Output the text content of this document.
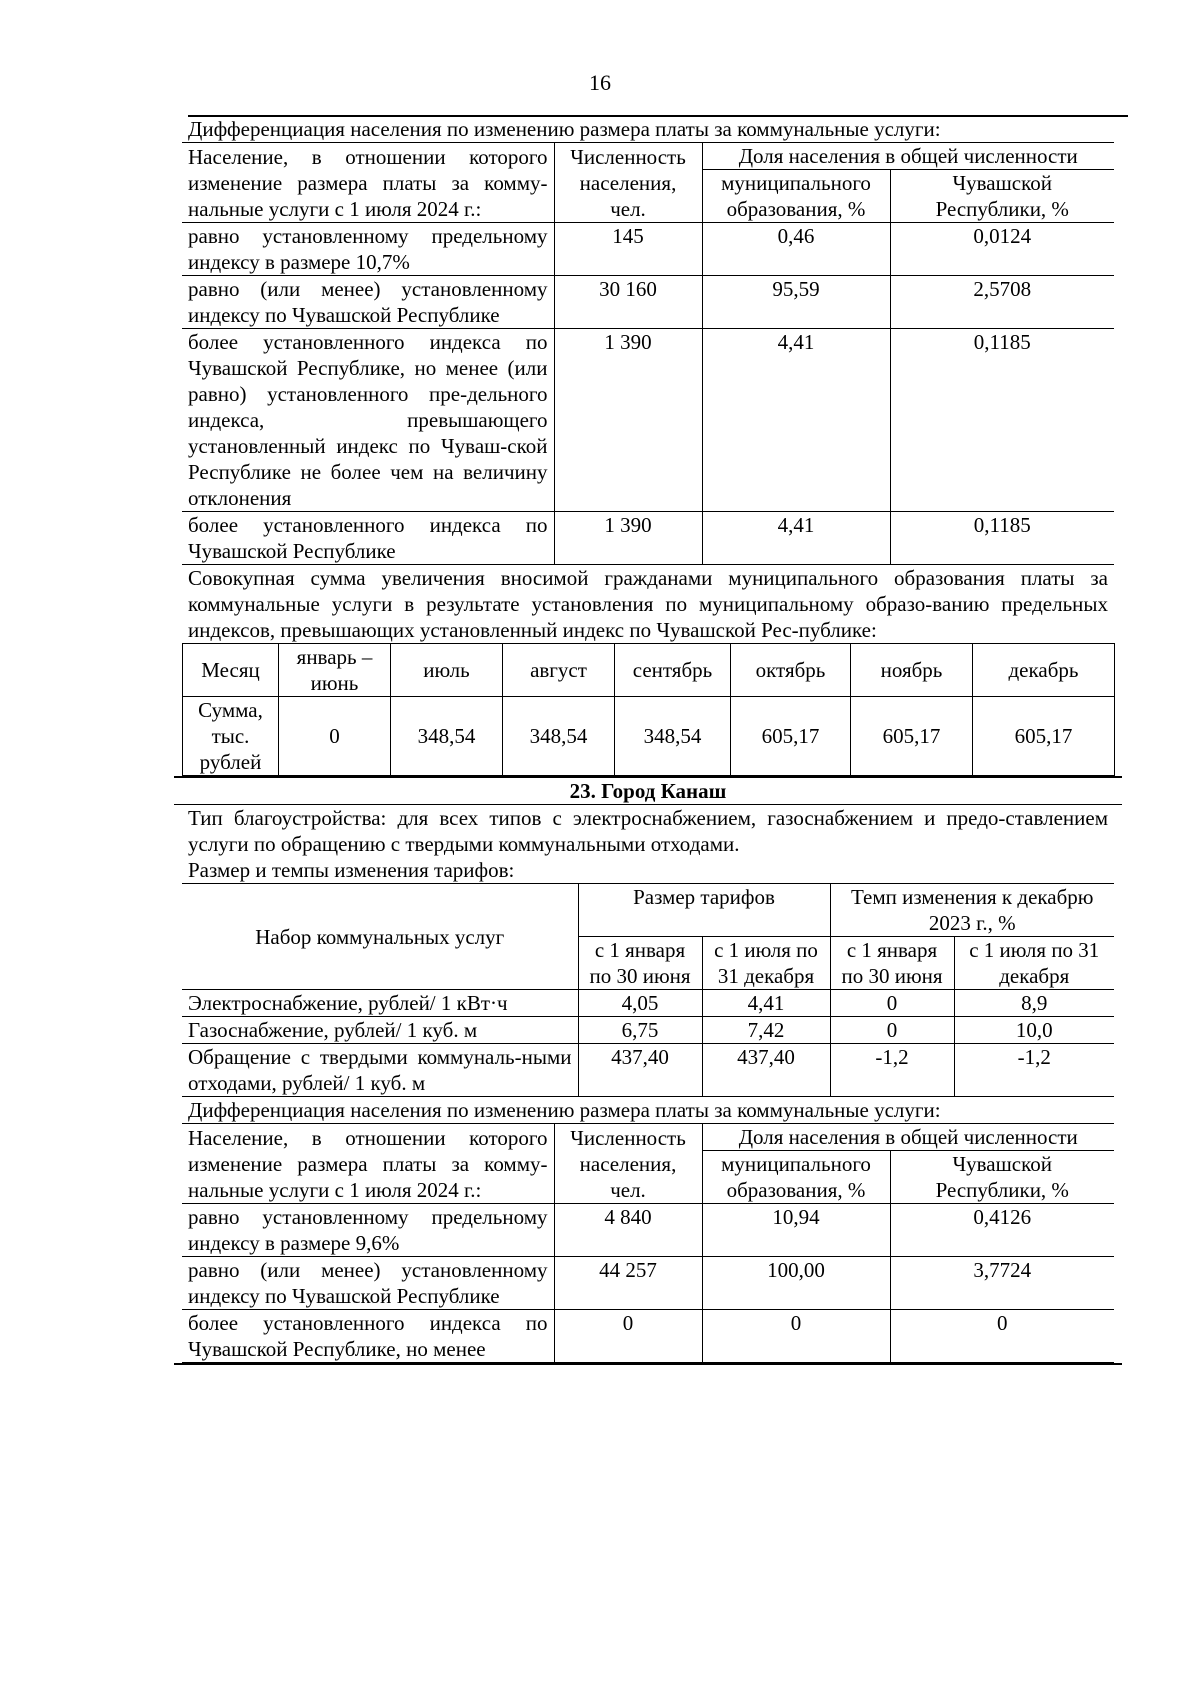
16

Дифференциация населения по изменению размера платы за коммунальные услуги:

Население, в отношении которого изменение размера платы за комму-нальные услуги с 1 июля 2024 г.:	Численность населения, чел.	Доля населения в общей численности	
		муниципального образования, %	Чувашской Республики, %
равно установленному предельному индексу в размере 10,7%	145	0,46	0,0124
равно (или менее) установленному индексу по Чувашской Республике	30 160	95,59	2,5708
более установленного индекса по Чувашской Республике, но менее (или равно) установленного пре-дельного индекса, превышающего установленный индекс по Чуваш-ской Республике не более чем на величину отклонения	1 390	4,41	0,1185
более установленного индекса по Чувашской Республике	1 390	4,41	0,1185

Совокупная сумма увеличения вносимой гражданами муниципального образования платы за коммунальные услуги в результате установления по муниципальному образо-ванию предельных индексов, превышающих установленный индекс по Чувашской Рес-публике:

Месяц	январь – июнь	июль	август	сентябрь	октябрь	ноябрь	декабрь
Сумма, тыс. рублей	0	348,54	348,54	348,54	605,17	605,17	605,17

23. Город Канаш

Тип благоустройства: для всех типов с электроснабжением, газоснабжением и предо-ставлением услуги по обращению с твердыми коммунальными отходами.

Размер и темпы изменения тарифов:

Набор коммунальных услуг	Размер тарифов		Темп изменения к декабрю 2023 г., %	
	с 1 января по 30 июня	с 1 июля по 31 декабря	с 1 января по 30 июня	с 1 июля по 31 декабря
Электроснабжение, рублей/ 1 кВт·ч	4,05	4,41	0	8,9
Газоснабжение, рублей/ 1 куб. м	6,75	7,42	0	10,0
Обращение с твердыми коммуналь-ными отходами, рублей/ 1 куб. м	437,40	437,40	-1,2	-1,2

Дифференциация населения по изменению размера платы за коммунальные услуги:

Население, в отношении которого изменение размера платы за комму-нальные услуги с 1 июля 2024 г.:	Численность населения, чел.	Доля населения в общей численности	
		муниципального образования, %	Чувашской Республики, %
равно установленному предельному индексу в размере 9,6%	4 840	10,94	0,4126
равно (или менее) установленному индексу по Чувашской Республике	44 257	100,00	3,7724
более установленного индекса по Чувашской Республике, но менее	0	0	0
